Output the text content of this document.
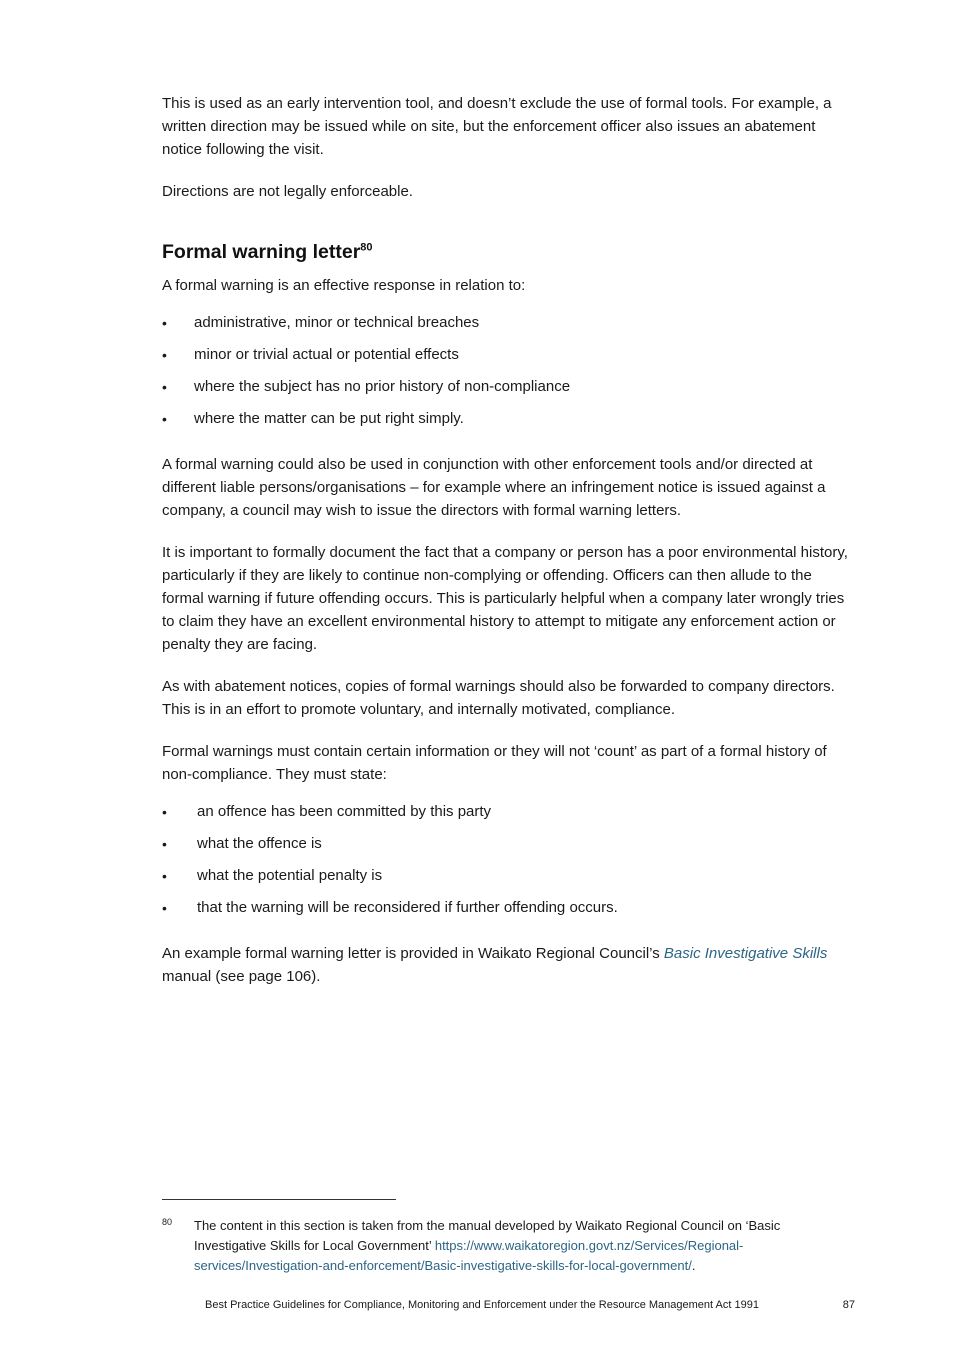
This is used as an early intervention tool, and doesn’t exclude the use of formal tools. For example, a written direction may be issued while on site, but the enforcement officer also issues an abatement notice following the visit.

Directions are not legally enforceable.

Formal warning letter$^{80}$

A formal warning is an effective response in relation to:

• administrative, minor or technical breaches
• minor or trivial actual or potential effects
• where the subject has no prior history of non-compliance
• where the matter can be put right simply.

A formal warning could also be used in conjunction with other enforcement tools and/or directed at different liable persons/organisations – for example where an infringement notice is issued against a company, a council may wish to issue the directors with formal warning letters.

It is important to formally document the fact that a company or person has a poor environmental history, particularly if they are likely to continue non-complying or offending. Officers can then allude to the formal warning if future offending occurs. This is particularly helpful when a company later wrongly tries to claim they have an excellent environmental history to attempt to mitigate any enforcement action or penalty they are facing.

As with abatement notices, copies of formal warnings should also be forwarded to company directors. This is in an effort to promote voluntary, and internally motivated, compliance.

Formal warnings must contain certain information or they will not ‘count’ as part of a formal history of non-compliance. They must state:

• an offence has been committed by this party
• what the offence is
• what the potential penalty is
• that the warning will be reconsidered if further offending occurs.

An example formal warning letter is provided in Waikato Regional Council’s Basic Investigative Skills manual (see page 106).

80 The content in this section is taken from the manual developed by Waikato Regional Council on ‘Basic Investigative Skills for Local Government’ https://www.waikatoregion.govt.nz/Services/Regional-services/Investigation-and-enforcement/Basic-investigative-skills-for-local-government/.
Best Practice Guidelines for Compliance, Monitoring and Enforcement under the Resource Management Act 1991	87
